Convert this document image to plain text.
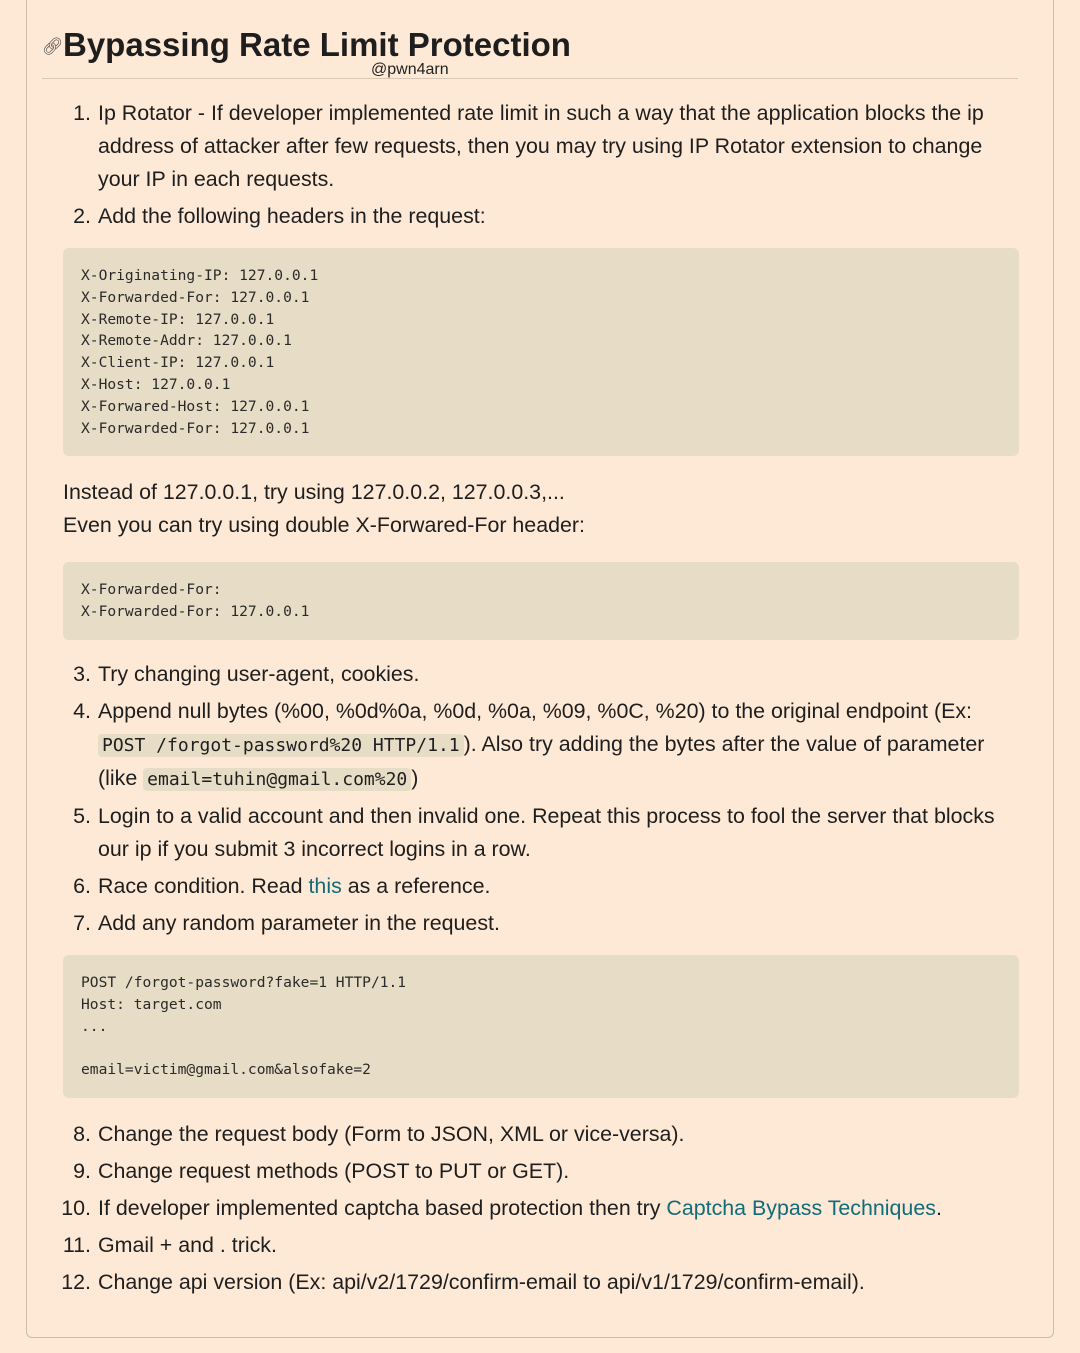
🔗︎ Bypassing Rate Limit Protection
@pwn4arn
1. Ip Rotator - If developer implemented rate limit in such a way that the application blocks the ip address of attacker after few requests, then you may try using IP Rotator extension to change your IP in each requests.
2. Add the following headers in the request:
X-Originating-IP: 127.0.0.1
X-Forwarded-For: 127.0.0.1
X-Remote-IP: 127.0.0.1
X-Remote-Addr: 127.0.0.1
X-Client-IP: 127.0.0.1
X-Host: 127.0.0.1
X-Forwared-Host: 127.0.0.1
X-Forwarded-For: 127.0.0.1
Instead of 127.0.0.1, try using 127.0.0.2, 127.0.0.3,...
Even you can try using double X-Forwared-For header:
X-Forwarded-For:
X-Forwarded-For: 127.0.0.1
3. Try changing user-agent, cookies.
4. Append null bytes (%00, %0d%0a, %0d, %0a, %09, %0C, %20) to the original endpoint (Ex: POST /forgot-password%20 HTTP/1.1 ). Also try adding the bytes after the value of parameter (like email=tuhin@gmail.com%20 )
5. Login to a valid account and then invalid one. Repeat this process to fool the server that blocks our ip if you submit 3 incorrect logins in a row.
6. Race condition. Read this as a reference.
7. Add any random parameter in the request.
POST /forgot-password?fake=1 HTTP/1.1
Host: target.com
...

email=victim@gmail.com&alsofake=2
8. Change the request body (Form to JSON, XML or vice-versa).
9. Change request methods (POST to PUT or GET).
10. If developer implemented captcha based protection then try Captcha Bypass Techniques.
11. Gmail + and . trick.
12. Change api version (Ex: api/v2/1729/confirm-email to api/v1/1729/confirm-email).
